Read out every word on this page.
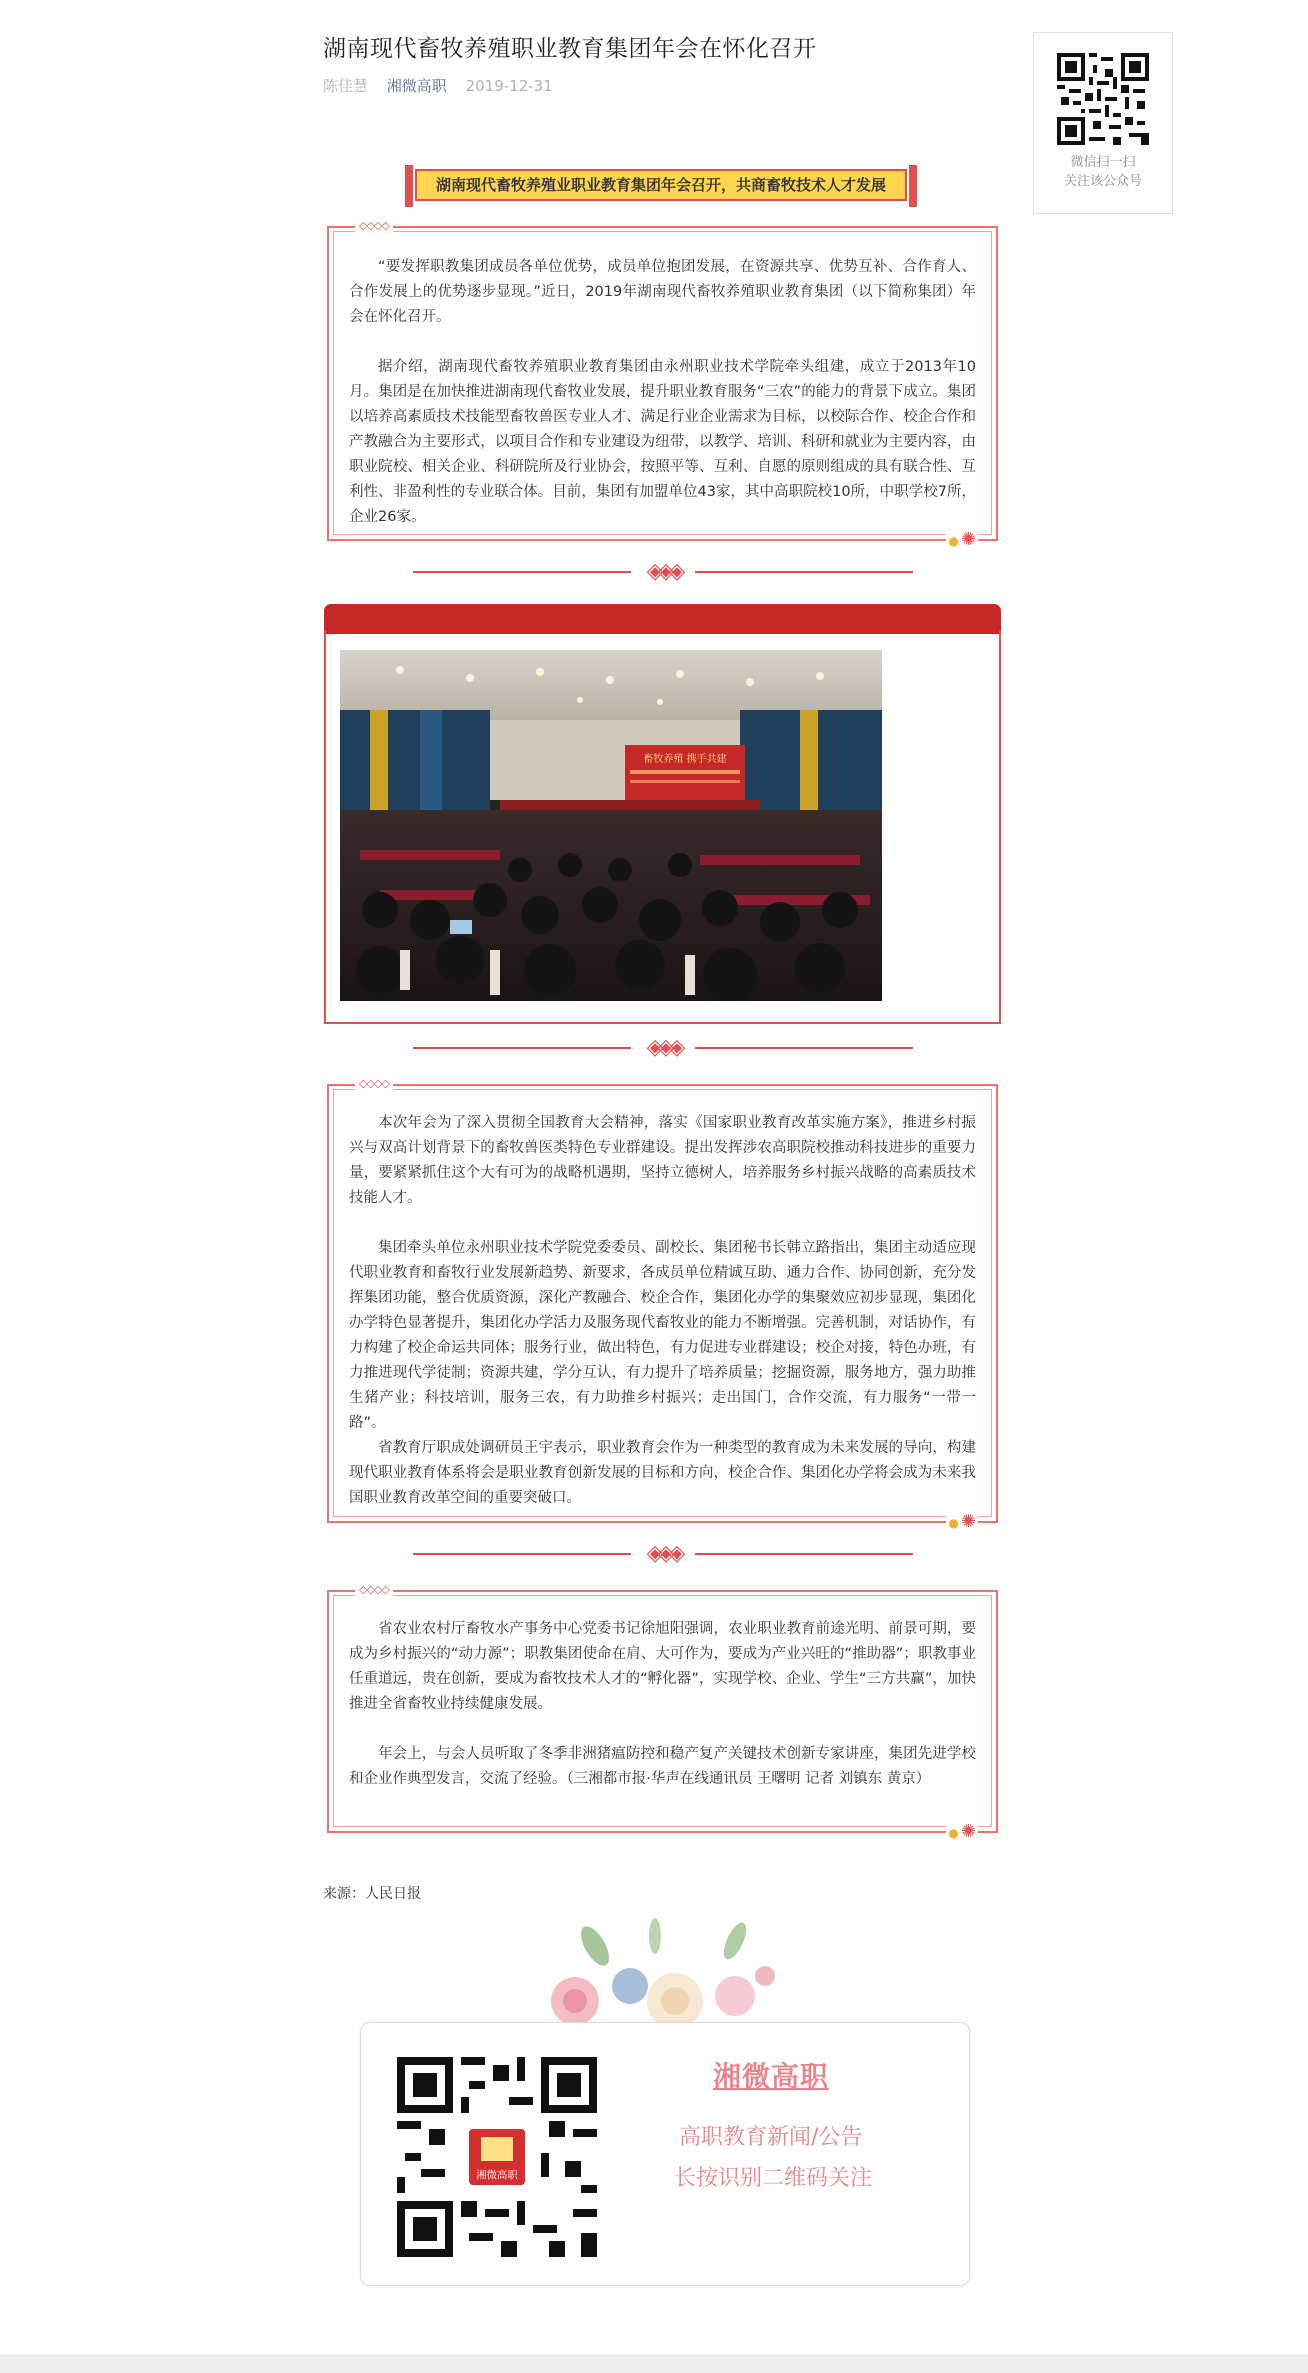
湖南现代畜牧养殖职业教育集团年会在怀化召开
陈佳慧 湘微高职 2019-12-31
微信扫一扫
关注该公众号
湖南现代畜牧养殖业职业教育集团年会召开，共商畜牧技术人才发展
◇◇◇◇
● ✺

“要发挥职教集团成员各单位优势，成员单位抱团发展，在资源共享、优势互补、合作育人、合作发展上的优势逐步显现。”近日，2019年湖南现代畜牧养殖职业教育集团（以下简称集团）年会在怀化召开。

据介绍，湖南现代畜牧养殖职业教育集团由永州职业技术学院牵头组建，成立于2013年10月。集团是在加快推进湖南现代畜牧业发展，提升职业教育服务“三农”的能力的背景下成立。集团以培养高素质技术技能型畜牧兽医专业人才、满足行业企业需求为目标，以校际合作、校企合作和产教融合为主要形式，以项目合作和专业建设为纽带，以教学、培训、科研和就业为主要内容，由职业院校、相关企业、科研院所及行业协会，按照平等、互利、自愿的原则组成的具有联合性、互利性、非盈利性的专业联合体。目前，集团有加盟单位43家，其中高职院校10所，中职学校7所，企业26家。

◈◈◈
畜牧养殖 携手共建
◈◈◈
◇◇◇◇
● ✺

本次年会为了深入贯彻全国教育大会精神，落实《国家职业教育改革实施方案》，推进乡村振兴与双高计划背景下的畜牧兽医类特色专业群建设。提出发挥涉农高职院校推动科技进步的重要力量，要紧紧抓住这个大有可为的战略机遇期，坚持立德树人，培养服务乡村振兴战略的高素质技术技能人才。

集团牵头单位永州职业技术学院党委委员、副校长、集团秘书长韩立路指出，集团主动适应现代职业教育和畜牧行业发展新趋势、新要求，各成员单位精诚互助、通力合作、协同创新，充分发挥集团功能，整合优质资源，深化产教融合、校企合作，集团化办学的集聚效应初步显现，集团化办学特色显著提升，集团化办学活力及服务现代畜牧业的能力不断增强。完善机制，对话协作，有力构建了校企命运共同体；服务行业，做出特色，有力促进专业群建设；校企对接，特色办班，有力推进现代学徒制；资源共建，学分互认，有力提升了培养质量；挖掘资源，服务地方，强力助推生猪产业；科技培训，服务三农，有力助推乡村振兴；走出国门，合作交流，有力服务“一带一路”。

省教育厅职成处调研员王宇表示，职业教育会作为一种类型的教育成为未来发展的导向，构建现代职业教育体系将会是职业教育创新发展的目标和方向，校企合作、集团化办学将会成为未来我国职业教育改革空间的重要突破口。

◈◈◈
◇◇◇◇
● ✺

省农业农村厅畜牧水产事务中心党委书记徐旭阳强调，农业职业教育前途光明、前景可期，要成为乡村振兴的“动力源”；职教集团使命在肩、大可作为，要成为产业兴旺的“推助器”；职教事业任重道远，贵在创新，要成为畜牧技术人才的“孵化器”，实现学校、企业、学生“三方共赢”，加快推进全省畜牧业持续健康发展。

年会上，与会人员听取了冬季非洲猪瘟防控和稳产复产关键技术创新专家讲座，集团先进学校和企业作典型发言，交流了经验。（三湘都市报·华声在线通讯员 王曙明 记者 刘镇东 黄京）

来源：人民日报
湘微高职
湘微高职
高职教育新闻/公告
长按识别二维码关注
